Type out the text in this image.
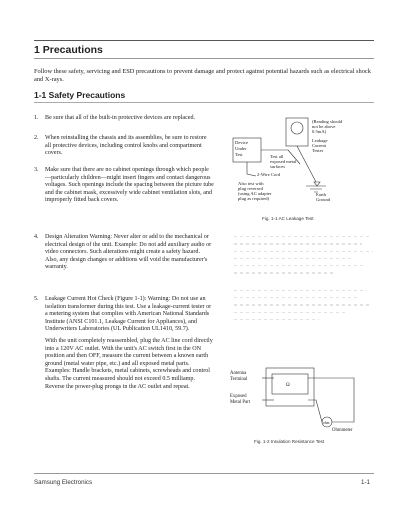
1 Precautions
Follow these safety, servicing and ESD precautions to prevent damage and protect against potential hazards such as electrical shock and X-rays.
1-1 Safety Precautions
1. Be sure that all of the built-in protective devices are replaced.

2. When reinstalling the chassis and its assemblies, be sure to restore all protective devices, including control knobs and compartment covers.

3. Make sure that there are no cabinet openings through which people—particularly children—might insert fingers and contact dangerous voltages. Such openings include the spacing between the picture tube and the cabinet mask, excessively wide cabinet ventilation slots, and improperly fitted back covers.

4. Design Alteration Warning: Never alter or add to the mechanical or electrical design of the unit. Example: Do not add auxiliary audio or video connectors. Such alterations might create a safety hazard. Also, any design changes or additions will void the manufacturer's warranty.

5. Leakage Current Hot Check (Figure 1-1): Warning: Do not use an isolation transformer during this test. Use a leakage-current tester or a metering system that complies with American National Standards Institute (ANSI C101.1, Leakage Current for Appliances), and Underwriters Laboratories (UL Publication UL1410, 59.7).

With the unit completely reassembled, plug the AC line cord directly into a 120V AC outlet. With the unit's AC switch first in the ON position and then OFF, measure the current between a known earth ground (metal water pipe, etc.) and all exposed metal parts. Examples: Handle brackets, metal cabinets, screwheads and control shafts. The current measured should not exceed 0.5 milliamp. Reverse the power-plug prongs in the AC outlet and repeat.

Device
Under
Test
(Reading should
not be above
0.5mA)
Leakage
Current
Tester
Test all
exposed metal
surfaces
2-Wire Cord
Also test with
plug reversed
(using AC adapter
plug as required)
Earth
Ground
Fig. 1-1 AC Leakage Test
Ω
Antenna
Terminal
Exposed
Metal Part
ohm
Ohmmeter
Fig. 1-2 Insulation Resistance Test
Samsung Electronics	1-1
